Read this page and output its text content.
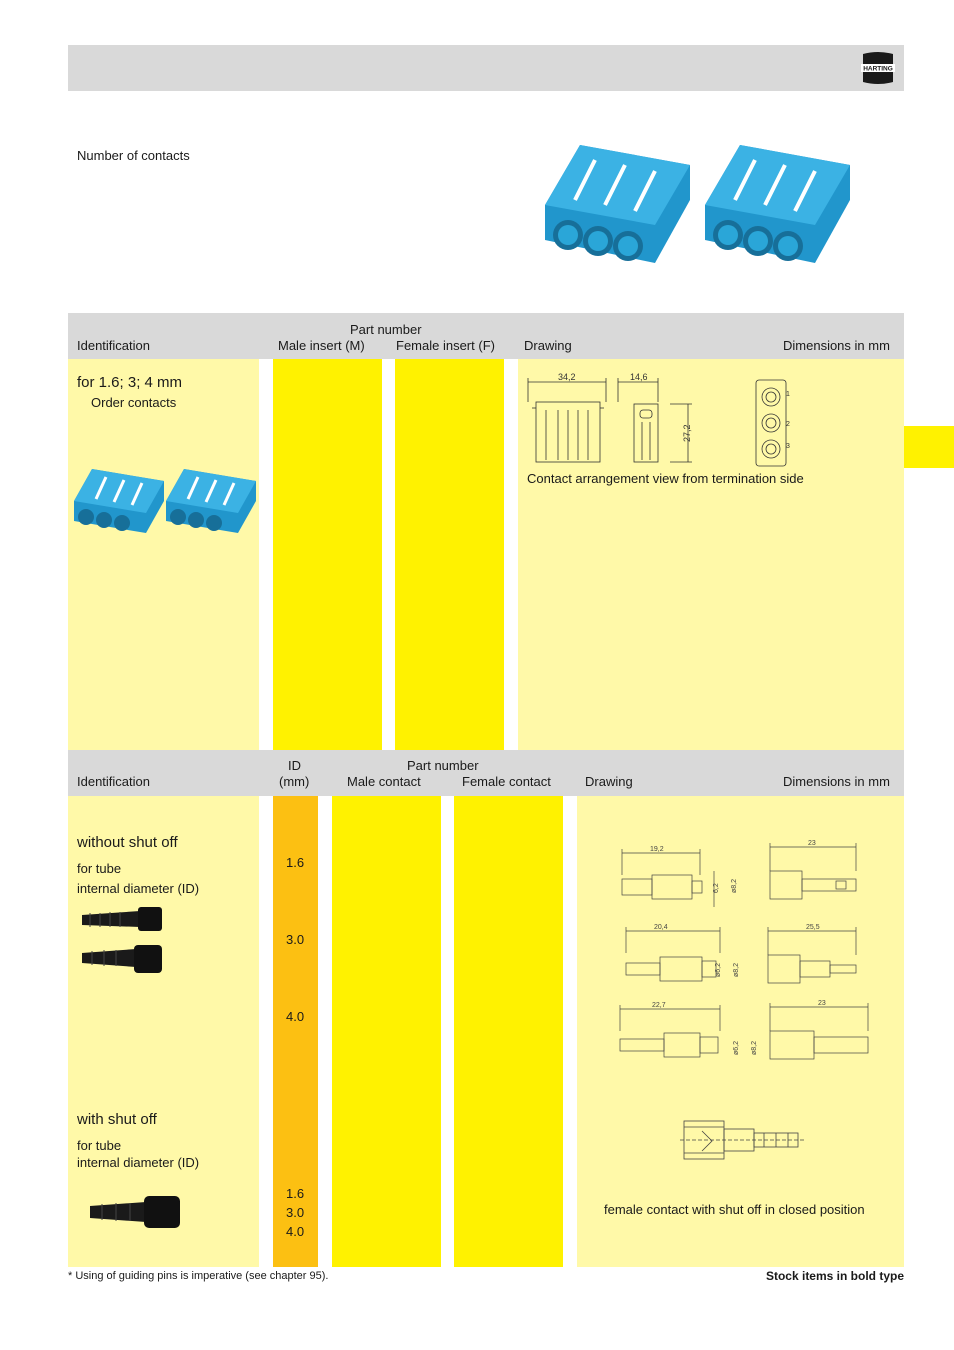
HARTING
Number of contacts
Part number
Identification	Male insert (M) Female insert (F) Drawing	Dimensions in mm
for 1.6; 3; 4 mm
Order contacts
34,2	14,6
27,2
1
2
3
Contact arrangement view from termination side
ID	Part number
Identification	(mm)	Male contact	Female contact	Drawing	Dimensions in mm
without shut off
for tube
internal diameter (ID)
1.6
3.0
4.0
with shut off
for tube
internal diameter (ID)
1.6
3.0
4.0
19,2
6,2 ø8,2
23
20,4
ø6,2 ø8,2
25,5
22,7
ø6,2 ø8,2
23
female contact with shut off in closed position
* Using of guiding pins is imperative (see chapter 95).	Stock items in bold type
